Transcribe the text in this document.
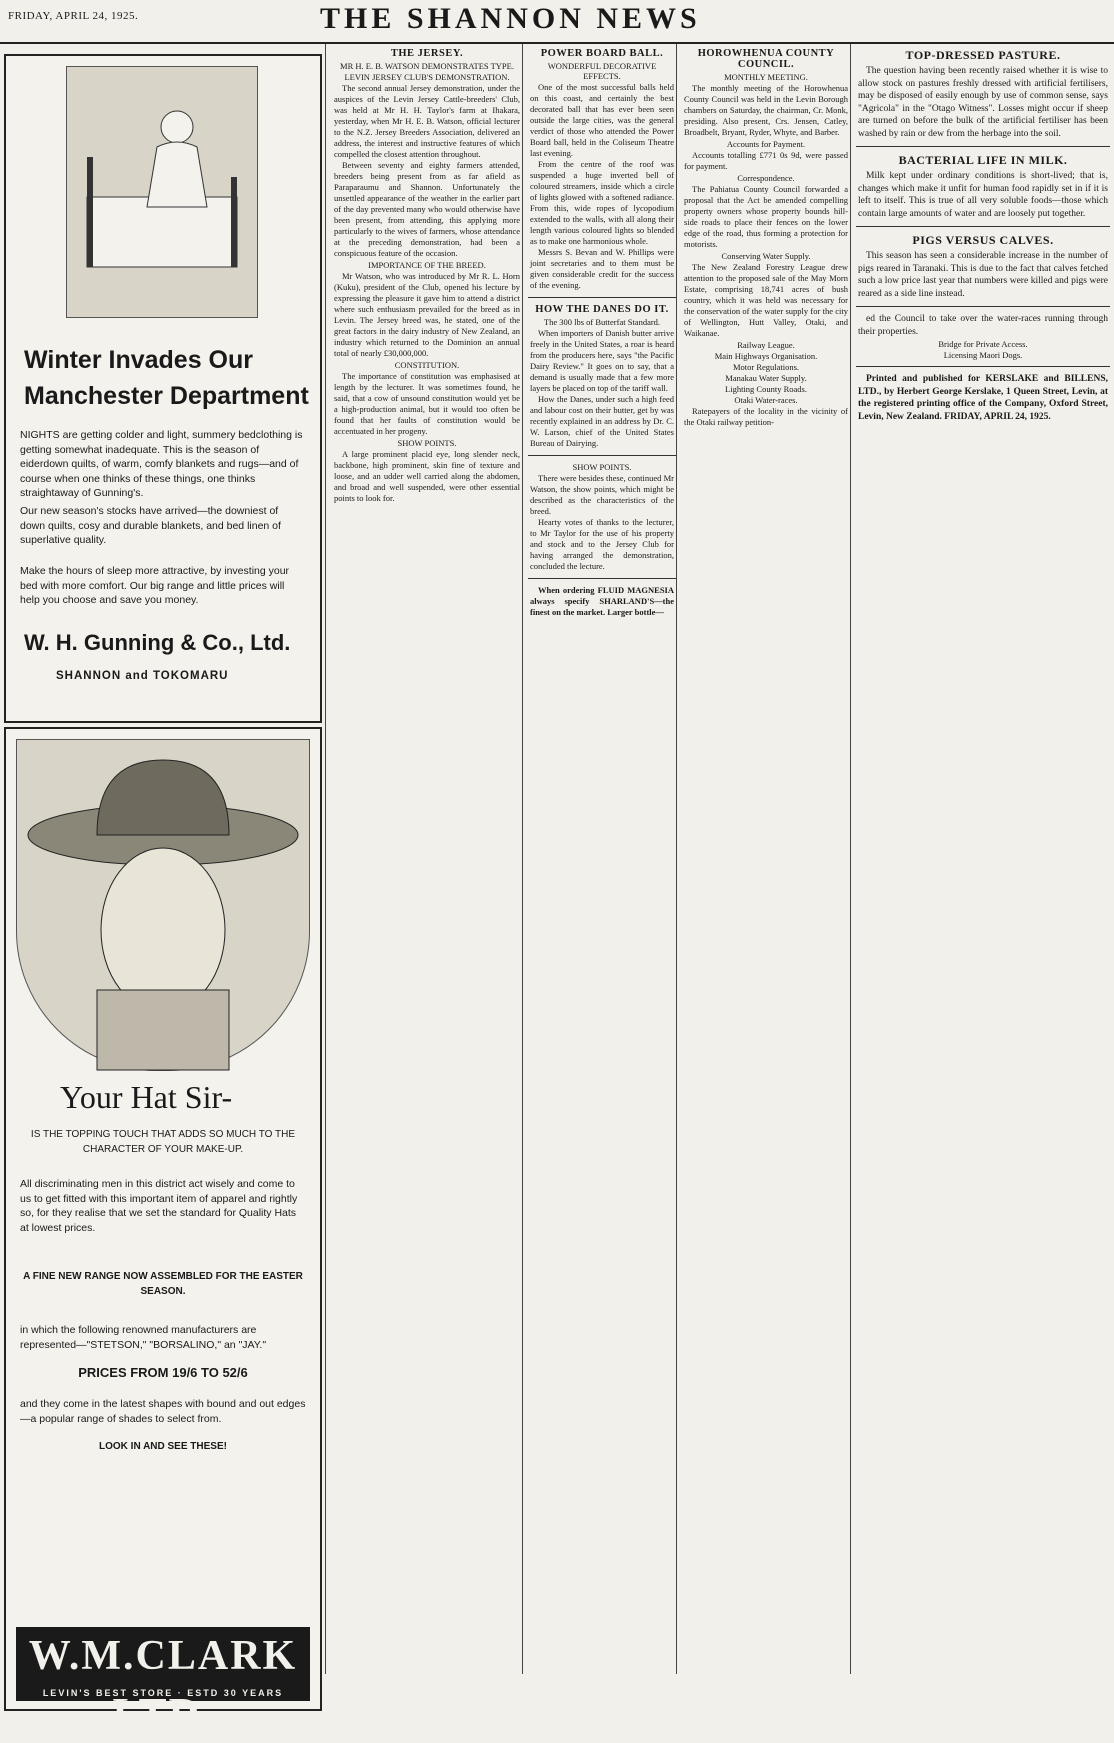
FRIDAY, APRIL 24, 1925.	THE SHANNON NEWS
Winter Invades Our
Manchester Department

NIGHTS are getting colder and light, summery bedclothing is getting somewhat inadequate. This is the season of eiderdown quilts, of warm, comfy blankets and rugs—and of course when one thinks of these things, one thinks straightaway of Gunning's.

Our new season's stocks have arrived—the downiest of down quilts, cosy and durable blankets, and bed linen of superlative quality.

Make the hours of sleep more attractive, by investing your bed with more comfort. Our big range and little prices will help you choose and save you money.

W. H. Gunning & Co., Ltd.
SHANNON and TOKOMARU
Your Hat Sir-

IS THE TOPPING TOUCH THAT ADDS SO MUCH TO THE CHARACTER OF YOUR MAKE-UP.

All discriminating men in this district act wisely and come to us to get fitted with this important item of apparel and rightly so, for they realise that we set the standard for Quality Hats at lowest prices.

A FINE NEW RANGE NOW ASSEMBLED FOR THE EASTER SEASON.

in which the following renowned manufacturers are represented—"STETSON," "BORSALINO," an "JAY."

PRICES FROM 19/6 TO 52/6

and they come in the latest shapes with bound and out edges—a popular range of shades to select from.

LOOK IN AND SEE THESE!

W.M.CLARK LTD.
LEVIN'S BEST STORE · ESTD 30 YEARS
THE JERSEY.
MR H. E. B. WATSON DEMONSTRATES TYPE.
LEVIN JERSEY CLUB'S DEMONSTRATION.

The second annual Jersey demonstration, under the auspices of the Levin Jersey Cattle-breeders' Club, was held at Mr H. H. Taylor's farm at Ihakara, yesterday, when Mr H. E. B. Watson, official lecturer to the N.Z. Jersey Breeders Association, delivered an address, the interest and instructive features of which compelled the closest attention throughout.

Between seventy and eighty farmers attended, breeders being present from as far afield as Paraparaumu and Shannon. Unfortunately the unsettled appearance of the weather in the earlier part of the day prevented many who would otherwise have been present, from attending, this applying more particularly to the wives of farmers, whose attendance at the preceding demonstration, had been a conspicuous feature of the occasion.

IMPORTANCE OF THE BREED.

Mr Watson, who was introduced by Mr R. L. Horn (Kuku), president of the Club, opened his lecture by expressing the pleasure it gave him to attend a district where such enthusiasm prevailed for the breed as in Levin. The Jersey breed was, he stated, one of the great factors in the dairy industry of New Zealand, an industry which returned to the Dominion an annual total of nearly £30,000,000.

CONSTITUTION.

The importance of constitution was emphasised at length by the lecturer. It was sometimes found, he said, that a cow of unsound constitution would yet be a high-production animal, but it would too often be found that her faults of constitution would be accentuated in her progeny.

SHOW POINTS.

A large prominent placid eye, long slender neck, backbone, high prominent, skin fine of texture and loose, and an udder well carried along the abdomen, and broad and well suspended, were other essential points to look for.

POWER BOARD BALL.
WONDERFUL DECORATIVE EFFECTS.

One of the most successful balls held on this coast, and certainly the best decorated ball that has ever been seen outside the large cities, was the general verdict of those who attended the Power Board ball, held in the Coliseum Theatre last evening.

From the centre of the roof was suspended a huge inverted bell of coloured streamers, inside which a circle of lights glowed with a softened radiance. From this, wide ropes of lycopodium extended to the walls, with all along their length various coloured lights so blended as to make one harmonious whole.

Messrs S. Bevan and W. Phillips were joint secretaries and to them must be given considerable credit for the success of the evening.

HOW THE DANES DO IT.
The 300 lbs of Butterfat Standard.

When importers of Danish butter arrive freely in the United States, a roar is heard from the producers here, says "the Pacific Dairy Review." It goes on to say, that a demand is usually made that a few more layers be placed on top of the tariff wall.

How the Danes, under such a high feed and labour cost on their butter, get by was recently explained in an address by Dr. C. W. Larson, chief of the United States Bureau of Dairying.

SHOW POINTS.

There were besides these, continued Mr Watson, the show points, which might be described as the characteristics of the breed.

Hearty votes of thanks to the lecturer, to Mr Taylor for the use of his property and stock and to the Jersey Club for having arranged the demonstration, concluded the lecture.

When ordering FLUID MAGNESIA always specify SHARLAND'S—the finest on the market. Larger bottle—

HOROWHENUA COUNTY COUNCIL.
MONTHLY MEETING.

The monthly meeting of the Horowhenua County Council was held in the Levin Borough chambers on Saturday, the chairman, Cr. Monk, presiding. Also present, Crs. Jensen, Catley, Broadbelt, Bryant, Ryder, Whyte, and Barber.

Accounts for Payment.

Accounts totalling £771 0s 9d, were passed for payment.

Correspondence.

The Pahiatua County Council forwarded a proposal that the Act be amended compelling property owners whose property bounds hill-side roads to place their fences on the lower edge of the road, thus forming a protection for motorists.

Conserving Water Supply.

The New Zealand Forestry League drew attention to the proposed sale of the May Morn Estate, comprising 18,741 acres of bush country, which it was held was necessary for the conservation of the water supply for the city of Wellington, Hutt Valley, Otaki, and Waikanae.

Railway League.
Main Highways Organisation.
Motor Regulations.
Manakau Water Supply.
Lighting County Roads.
Otaki Water-races.

Ratepayers of the locality in the vicinity of the Otaki railway petition-

TOP-DRESSED PASTURE.

The question having been recently raised whether it is wise to allow stock on pastures freshly dressed with artificial fertilisers, may be disposed of easily enough by use of common sense, says "Agricola" in the "Otago Witness". Losses might occur if sheep are turned on before the bulk of the artificial fertiliser has been washed by rain or dew from the herbage into the soil.

BACTERIAL LIFE IN MILK.

Milk kept under ordinary conditions is short-lived; that is, changes which make it unfit for human food rapidly set in if it is left to itself. This is true of all very soluble foods—those which contain large amounts of water and are loosely put together.

PIGS VERSUS CALVES.

This season has seen a considerable increase in the number of pigs reared in Taranaki. This is due to the fact that calves fetched such a low price last year that numbers were killed and pigs were reared as a side line instead.

ed the Council to take over the water-races running through their properties.

Bridge for Private Access.
Licensing Maori Dogs.

Printed and published for KERSLAKE and BILLENS, LTD., by Herbert George Kerslake, 1 Queen Street, Levin, at the registered printing office of the Company, Oxford Street, Levin, New Zealand. FRIDAY, APRIL 24, 1925.
